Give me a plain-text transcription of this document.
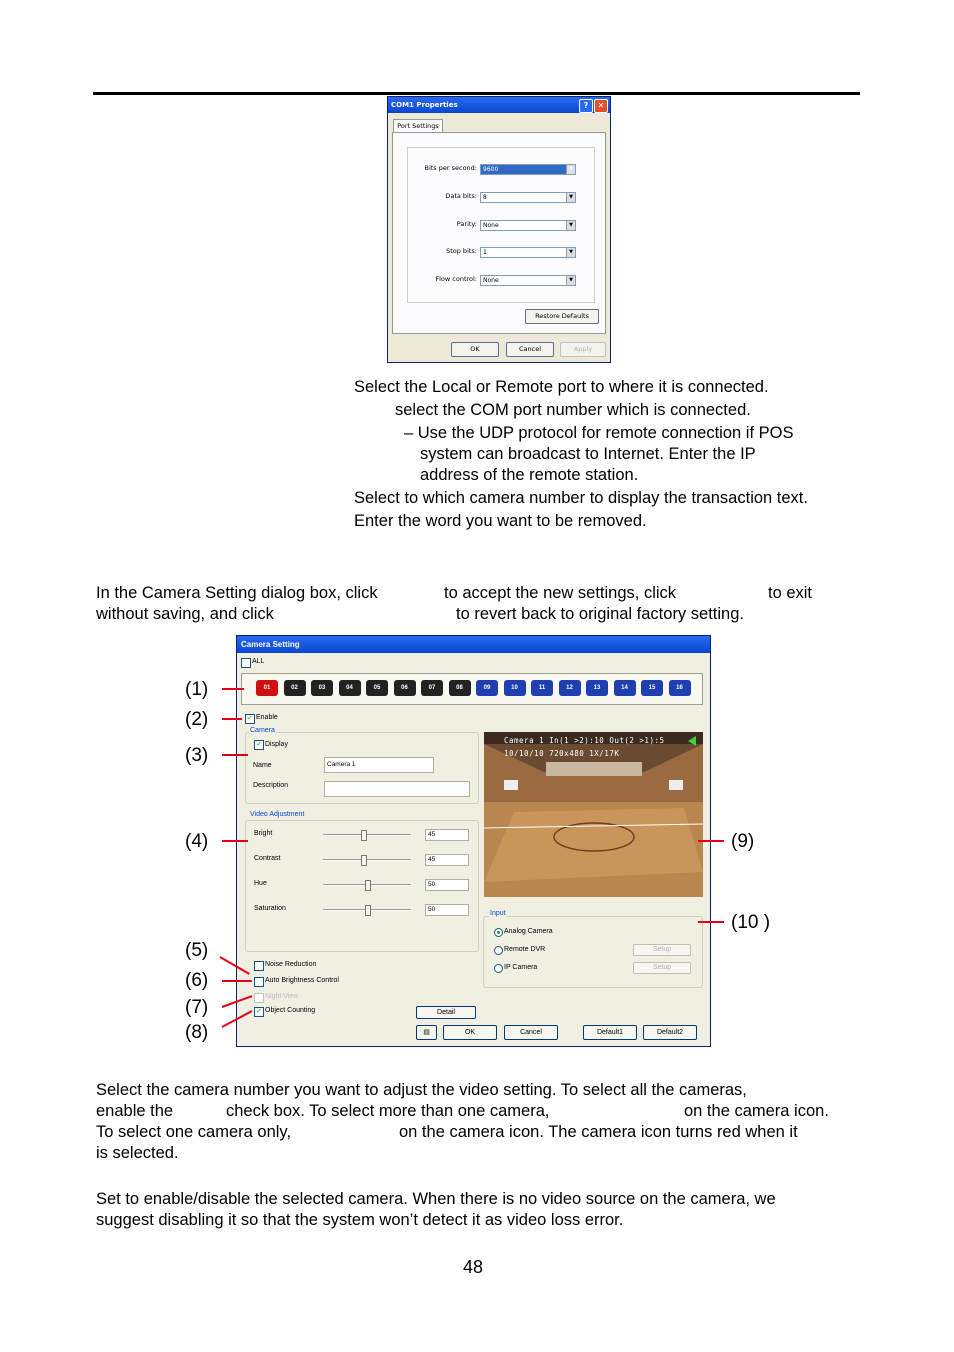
COM1 Properties	?	✕
Port Settings
Bits per second:	9600	▼
Data bits:	8	▼
Parity:	None	▼
Stop bits:	1	▼
Flow control:	None	▼
Restore Defaults
OK	Cancel	Apply
Select the Local or Remote port to where it is connected.
select the COM port number which is connected.
– Use the UDP protocol for remote connection if POS
system can broadcast to Internet. Enter the IP
address of the remote station.
Select to which camera number to display the transaction text.
Enter the word you want to be removed.
In the Camera Setting dialog box, click	to accept the new settings, click	to exit
without saving, and click	to revert back to original factory setting.
Camera Setting
ALL
01	02	03	04	05	06	07	08	09	10	11	12	13	14	15	16
✓ Enable
Camera
✓ Display
Name	Camera 1
Description
Video Adjustment
Bright	45
Contrast	45
Hue	50
Saturation	50
Camera 1 In(1 >2):10 Out(2 >1):5
10/10/10 720x480 1X/17K
Input
Analog Camera
Remote DVR	Setup
IP Camera	Setup
Noise Reduction
Auto Brightness Control
Night View
✓ Object Counting	Detail
▤	OK	Cancel	Default1	Default2
(1)
(2)
(3)
(4)
(5)
(6)
(7)
(8)
(9)
(10 )
Select the camera number you want to adjust the video setting. To select all the cameras,
enable the	check box. To select more than one camera,	on the camera icon.
To select one camera only,	on the camera icon. The camera icon turns red when it
is selected.
Set to enable/disable the selected camera. When there is no video source on the camera, we
suggest disabling it so that the system won’t detect it as video loss error.
48
